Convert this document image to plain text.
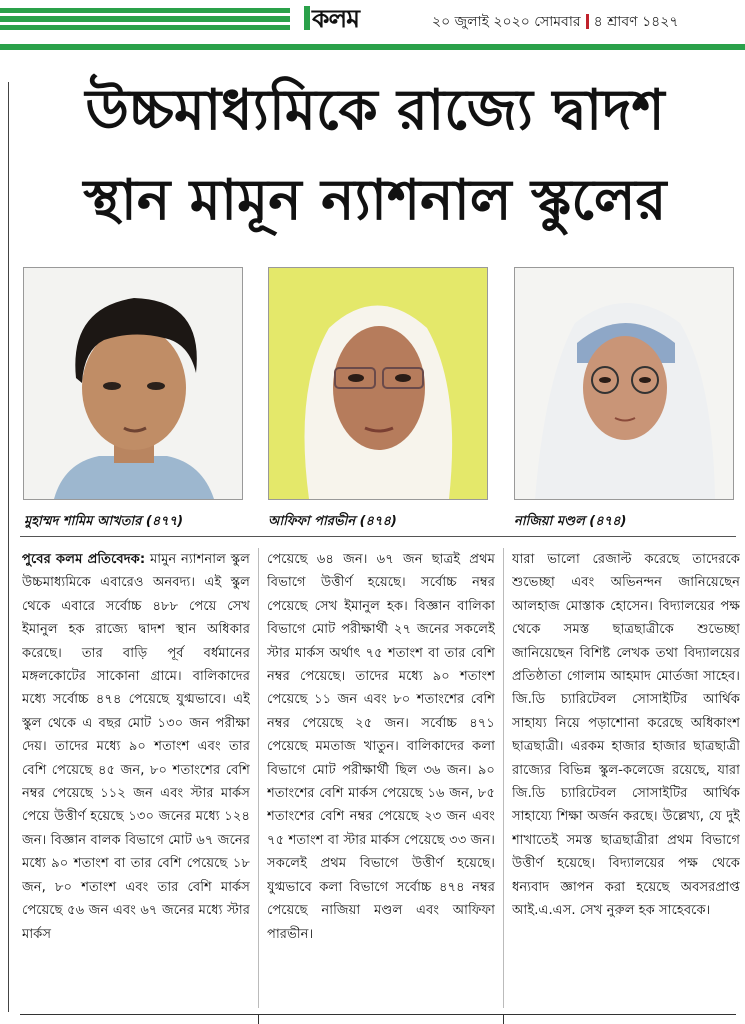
কলম	২০ জুলাই ২০২০ সোমবার ৪ শ্রাবণ ১৪২৭
উচ্চমাধ্যমিকে রাজ্যে দ্বাদশ
স্থান মামূন ন্যাশনাল স্কুলের
মুহাম্মদ শামিম আখতার (৪৭৭)	আফিফা পারভীন (৪৭৪)	নাজিয়া মণ্ডল (৪৭৪)
পুবের কলম প্রতিবেদক: মামুন ন্যাশনাল স্কুল উচ্চমাধ্যমিকে এবারেও অনবদ্য। এই স্কুল থেকে এবারে সর্বোচ্চ ৪৮৮ পেয়ে সেখ ইমানুল হক রাজ্যে দ্বাদশ স্থান অধিকার করেছে। তার বাড়ি পূর্ব বর্ধমানের মঙ্গলকোটের সাকোনা গ্রামে। বালিকাদের মধ্যে সর্বোচ্চ ৪৭৪ পেয়েছে যুগ্মভাবে। এই স্কুল থেকে এ বছর মোট ১৩০ জন পরীক্ষা দেয়। তাদের মধ্যে ৯০ শতাংশ এবং তার বেশি পেয়েছে ৪৫ জন, ৮০ শতাংশের বেশি নম্বর পেয়েছে ১১২ জন এবং স্টার মার্কস পেয়ে উত্তীর্ণ হয়েছে ১৩০ জনের মধ্যে ১২৪ জন। বিজ্ঞান বালক বিভাগে মোট ৬৭ জনের মধ্যে ৯০ শতাংশ বা তার বেশি পেয়েছে ১৮ জন, ৮০ শতাংশ এবং তার বেশি মার্কস পেয়েছে ৫৬ জন এবং ৬৭ জনের মধ্যে স্টার মার্কস
পেয়েছে ৬৪ জন। ৬৭ জন ছাত্রই প্রথম বিভাগে উত্তীর্ণ হয়েছে। সর্বোচ্চ নম্বর পেয়েছে সেখ ইমানুল হক। বিজ্ঞান বালিকা বিভাগে মোট পরীক্ষার্থী ২৭ জনের সকলেই স্টার মার্কস অর্থাৎ ৭৫ শতাংশ বা তার বেশি নম্বর পেয়েছে। তাদের মধ্যে ৯০ শতাংশ পেয়েছে ১১ জন এবং ৮০ শতাংশের বেশি নম্বর পেয়েছে ২৫ জন। সর্বোচ্চ ৪৭১ পেয়েছে মমতাজ খাতুন। বালিকাদের কলা বিভাগে মোট পরীক্ষার্থী ছিল ৩৬ জন। ৯০ শতাংশের বেশি মার্কস পেয়েছে ১৬ জন, ৮৫ শতাংশের বেশি নম্বর পেয়েছে ২৩ জন এবং ৭৫ শতাংশ বা স্টার মার্কস পেয়েছে ৩৩ জন। সকলেই প্রথম বিভাগে উত্তীর্ণ হয়েছে। যুগ্মভাবে কলা বিভাগে সর্বোচ্চ ৪৭৪ নম্বর পেয়েছে নাজিয়া মণ্ডল এবং আফিফা পারভীন।
যারা ভালো রেজাল্ট করেছে তাদেরকে শুভেচ্ছা এবং অভিনন্দন জানিয়েছেন আলহাজ মোস্তাক হোসেন। বিদ্যালয়ের পক্ষ থেকে সমস্ত ছাত্রছাত্রীকে শুভেচ্ছা জানিয়েছেন বিশিষ্ট লেখক তথা বিদ্যালয়ের প্রতিষ্ঠাতা গোলাম আহমাদ মোর্তজা সাহেব। জি.ডি চ্যারিটেবল সোসাইটির আর্থিক সাহায্য নিয়ে পড়াশোনা করেছে অধিকাংশ ছাত্রছাত্রী। এরকম হাজার হাজার ছাত্রছাত্রী রাজ্যের বিভিন্ন স্কুল-কলেজে রয়েছে, যারা জি.ডি চ্যারিটেবল সোসাইটির আর্থিক সাহায্যে শিক্ষা অর্জন করছে। উল্লেখ্য, যে দুই শাখাতেই সমস্ত ছাত্রছাত্রীরা প্রথম বিভাগে উত্তীর্ণ হয়েছে। বিদ্যালয়ের পক্ষ থেকে ধন্যবাদ জ্ঞাপন করা হয়েছে অবসরপ্রাপ্ত আই.এ.এস. সেখ নুরুল হক সাহেবকে।
